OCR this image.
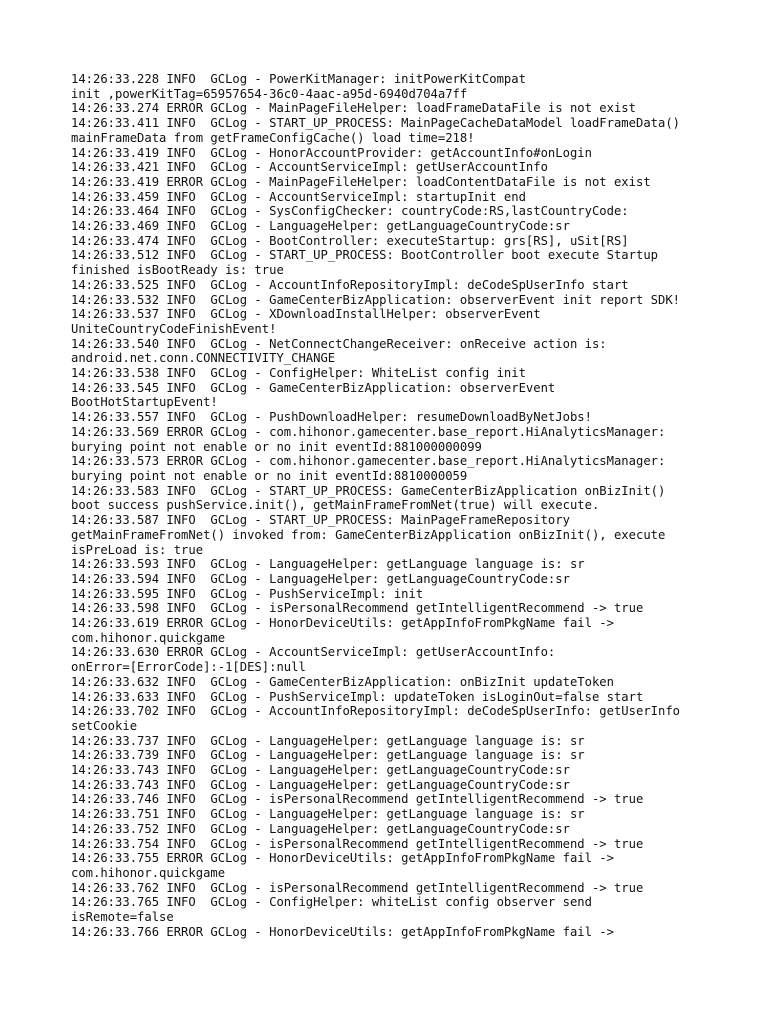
14:26:33.228 INFO  GCLog - PowerKitManager: initPowerKitCompat
init ,powerKitTag=65957654-36c0-4aac-a95d-6940d704a7ff
14:26:33.274 ERROR GCLog - MainPageFileHelper: loadFrameDataFile is not exist
14:26:33.411 INFO  GCLog - START_UP_PROCESS: MainPageCacheDataModel loadFrameData()
mainFrameData from getFrameConfigCache() load time=218!
14:26:33.419 INFO  GCLog - HonorAccountProvider: getAccountInfo#onLogin
14:26:33.421 INFO  GCLog - AccountServiceImpl: getUserAccountInfo
14:26:33.419 ERROR GCLog - MainPageFileHelper: loadContentDataFile is not exist
14:26:33.459 INFO  GCLog - AccountServiceImpl: startupInit end
14:26:33.464 INFO  GCLog - SysConfigChecker: countryCode:RS,lastCountryCode:
14:26:33.469 INFO  GCLog - LanguageHelper: getLanguageCountryCode:sr
14:26:33.474 INFO  GCLog - BootController: executeStartup: grs[RS], uSit[RS]
14:26:33.512 INFO  GCLog - START_UP_PROCESS: BootController boot execute Startup
finished isBootReady is: true
14:26:33.525 INFO  GCLog - AccountInfoRepositoryImpl: deCodeSpUserInfo start
14:26:33.532 INFO  GCLog - GameCenterBizApplication: observerEvent init report SDK!
14:26:33.537 INFO  GCLog - XDownloadInstallHelper: observerEvent
UniteCountryCodeFinishEvent!
14:26:33.540 INFO  GCLog - NetConnectChangeReceiver: onReceive action is:
android.net.conn.CONNECTIVITY_CHANGE
14:26:33.538 INFO  GCLog - ConfigHelper: WhiteList config init
14:26:33.545 INFO  GCLog - GameCenterBizApplication: observerEvent
BootHotStartupEvent!
14:26:33.557 INFO  GCLog - PushDownloadHelper: resumeDownloadByNetJobs!
14:26:33.569 ERROR GCLog - com.hihonor.gamecenter.base_report.HiAnalyticsManager:
burying point not enable or no init eventId:881000000099
14:26:33.573 ERROR GCLog - com.hihonor.gamecenter.base_report.HiAnalyticsManager:
burying point not enable or no init eventId:8810000059
14:26:33.583 INFO  GCLog - START_UP_PROCESS: GameCenterBizApplication onBizInit()
boot success pushService.init(), getMainFrameFromNet(true) will execute.
14:26:33.587 INFO  GCLog - START_UP_PROCESS: MainPageFrameRepository
getMainFrameFromNet() invoked from: GameCenterBizApplication onBizInit(), execute
isPreLoad is: true
14:26:33.593 INFO  GCLog - LanguageHelper: getLanguage language is: sr
14:26:33.594 INFO  GCLog - LanguageHelper: getLanguageCountryCode:sr
14:26:33.595 INFO  GCLog - PushServiceImpl: init
14:26:33.598 INFO  GCLog - isPersonalRecommend getIntelligentRecommend -> true
14:26:33.619 ERROR GCLog - HonorDeviceUtils: getAppInfoFromPkgName fail ->
com.hihonor.quickgame
14:26:33.630 ERROR GCLog - AccountServiceImpl: getUserAccountInfo:
onError=[ErrorCode]:-1[DES]:null
14:26:33.632 INFO  GCLog - GameCenterBizApplication: onBizInit updateToken
14:26:33.633 INFO  GCLog - PushServiceImpl: updateToken isLoginOut=false start
14:26:33.702 INFO  GCLog - AccountInfoRepositoryImpl: deCodeSpUserInfo: getUserInfo
setCookie
14:26:33.737 INFO  GCLog - LanguageHelper: getLanguage language is: sr
14:26:33.739 INFO  GCLog - LanguageHelper: getLanguage language is: sr
14:26:33.743 INFO  GCLog - LanguageHelper: getLanguageCountryCode:sr
14:26:33.743 INFO  GCLog - LanguageHelper: getLanguageCountryCode:sr
14:26:33.746 INFO  GCLog - isPersonalRecommend getIntelligentRecommend -> true
14:26:33.751 INFO  GCLog - LanguageHelper: getLanguage language is: sr
14:26:33.752 INFO  GCLog - LanguageHelper: getLanguageCountryCode:sr
14:26:33.754 INFO  GCLog - isPersonalRecommend getIntelligentRecommend -> true
14:26:33.755 ERROR GCLog - HonorDeviceUtils: getAppInfoFromPkgName fail ->
com.hihonor.quickgame
14:26:33.762 INFO  GCLog - isPersonalRecommend getIntelligentRecommend -> true
14:26:33.765 INFO  GCLog - ConfigHelper: whiteList config observer send
isRemote=false
14:26:33.766 ERROR GCLog - HonorDeviceUtils: getAppInfoFromPkgName fail ->
